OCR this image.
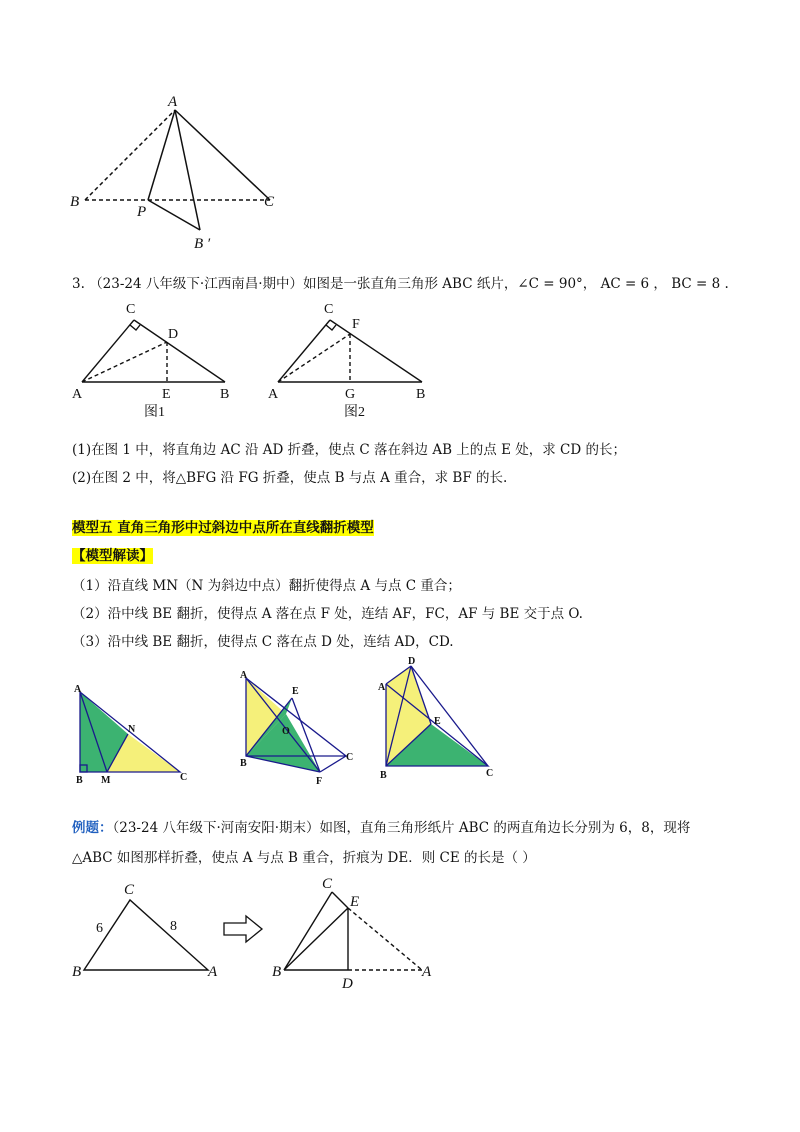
A
B	C
P
B ′
3. （23-24 八年级下·江西南昌·期中）如图是一张直角三角形 ABC 纸片，∠C = 90°， AC = 6 ， BC = 8 .
C
D
A	E	B
图1
C
F
A	G	B
图2
(1)在图 1 中，将直角边 AC 沿 AD 折叠，使点 C 落在斜边 AB 上的点 E 处，求 CD 的长；
(2)在图 2 中，将△BFG 沿 FG 折叠，使点 B 与点 A 重合，求 BF 的长.
模型五 直角三角形中过斜边中点所在直线翻折模型
【模型解读】
（1）沿直线 MN（N 为斜边中点）翻折使得点 A 与点 C 重合；
（2）沿中线 BE 翻折，使得点 A 落在点 F 处，连结 AF，FC，AF 与 BE 交于点 O.
（3）沿中线 BE 翻折，使得点 C 落在点 D 处，连结 AD，CD.
A
N
B M	C
A
E
O
B
F
C
D
A
E
B	C
例题：（23-24 八年级下·河南安阳·期末）如图，直角三角形纸片 ABC 的两直角边长分别为 6，8，现将
△ABC 如图那样折叠，使点 A 与点 B 重合，折痕为 DE．则 CE 的长是（ ）
C
B	A
6	8
C
E
B
D
A
